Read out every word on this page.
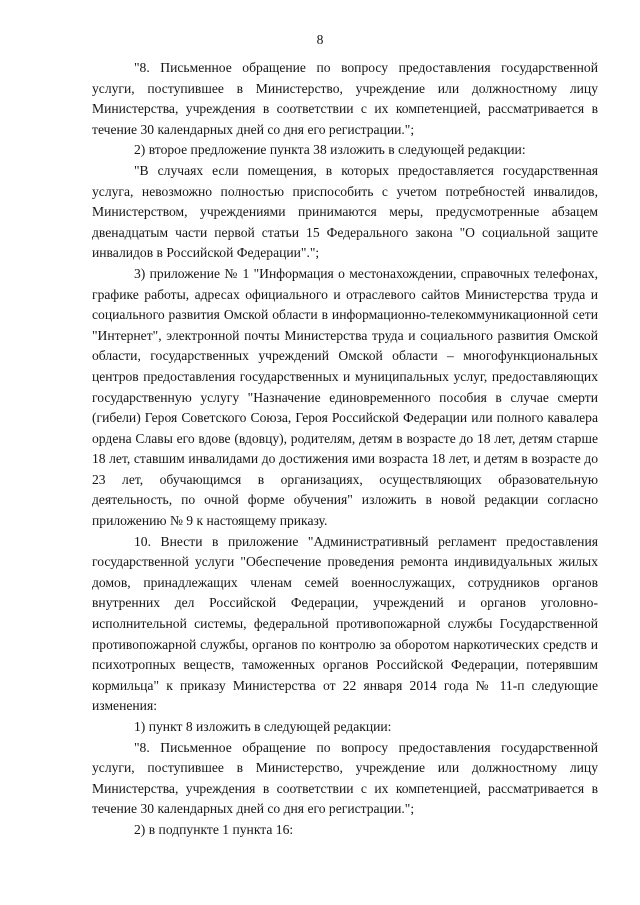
8

"8. Письменное обращение по вопросу предоставления государственной услуги, поступившее в Министерство, учреждение или должностному лицу Министерства, учреждения в соответствии с их компетенцией, рассматривается в течение 30 календарных дней со дня его регистрации.";

2) второе предложение пункта 38 изложить в следующей редакции:

"В случаях если помещения, в которых предоставляется государственная услуга, невозможно полностью приспособить с учетом потребностей инвалидов, Министерством, учреждениями принимаются меры, предусмотренные абзацем двенадцатым части первой статьи 15 Федерального закона "О социальной защите инвалидов в Российской Федерации".";

3) приложение № 1 "Информация о местонахождении, справочных телефонах, графике работы, адресах официального и отраслевого сайтов Министерства труда и социального развития Омской области в информационно-телекоммуникационной сети "Интернет", электронной почты Министерства труда и социального развития Омской области, государственных учреждений Омской области – многофункциональных центров предоставления государственных и муниципальных услуг, предоставляющих государственную услугу "Назначение единовременного пособия в случае смерти (гибели) Героя Советского Союза, Героя Российской Федерации или полного кавалера ордена Славы его вдове (вдовцу), родителям, детям в возрасте до 18 лет, детям старше 18 лет, ставшим инвалидами до достижения ими возраста 18 лет, и детям в возрасте до 23 лет, обучающимся в организациях, осуществляющих образовательную деятельность, по очной форме обучения" изложить в новой редакции согласно приложению № 9 к настоящему приказу.

10. Внести в приложение "Административный регламент предоставления государственной услуги "Обеспечение проведения ремонта индивидуальных жилых домов, принадлежащих членам семей военнослужащих, сотрудников органов внутренних дел Российской Федерации, учреждений и органов уголовно-исполнительной системы, федеральной противопожарной службы Государственной противопожарной службы, органов по контролю за оборотом наркотических средств и психотропных веществ, таможенных органов Российской Федерации, потерявшим кормильца" к приказу Министерства от 22 января 2014 года № 11-п следующие изменения:

1) пункт 8 изложить в следующей редакции:

"8. Письменное обращение по вопросу предоставления государственной услуги, поступившее в Министерство, учреждение или должностному лицу Министерства, учреждения в соответствии с их компетенцией, рассматривается в течение 30 календарных дней со дня его регистрации.";

2) в подпункте 1 пункта 16:
